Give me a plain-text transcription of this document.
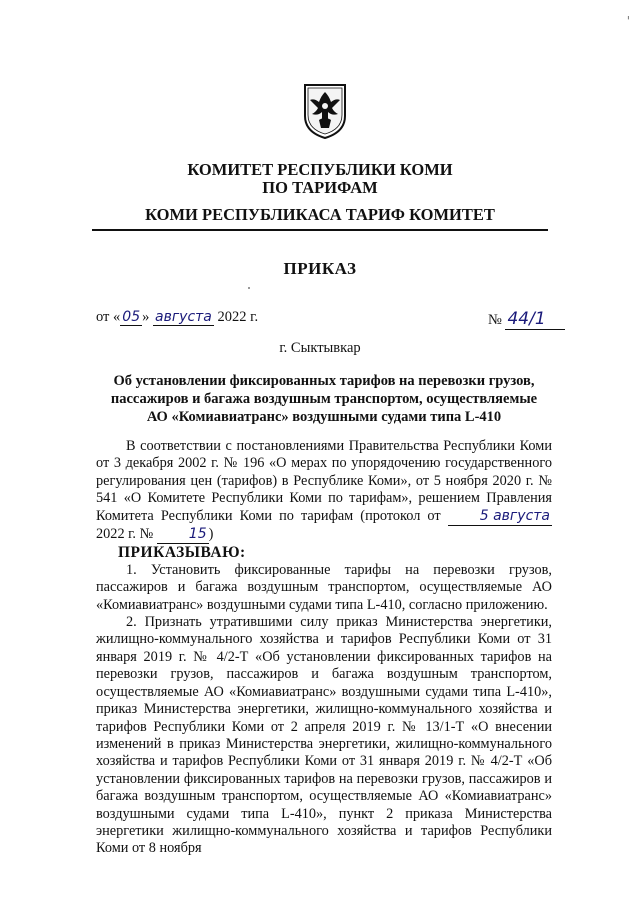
'
КОМИТЕТ РЕСПУБЛИКИ КОМИ
ПО ТАРИФАМ
КОМИ РЕСПУБЛИКАСА ТАРИФ КОМИТЕТ
ПРИКАЗ
от « 05 » августа 2022 г.	№ 44/1
г. Сыктывкар
Об установлении фиксированных тарифов на перевозки грузов,
пассажиров и багажа воздушным транспортом, осуществляемые
АО «Комиавиатранс» воздушными судами типа L-410

В соответствии с постановлениями Правительства Республики Коми от 3 декабря 2002 г. № 196 «О мерах по упорядочению государственного регулирования цен (тарифов) в Республике Коми», от 5 ноября 2020 г. № 541 «О Комитете Республики Коми по тарифам», решением Правления Комитета Республики Коми по тарифам (протокол от 5 августа 2022 г. № 15 )

ПРИКАЗЫВАЮ:

1. Установить фиксированные тарифы на перевозки грузов, пассажиров и багажа воздушным транспортом, осуществляемые АО «Комиавиатранс» воздушными судами типа L-410, согласно приложению.

2. Признать утратившими силу приказ Министерства энергетики, жилищно-коммунального хозяйства и тарифов Республики Коми от 31 января 2019 г. № 4/2-Т «Об установлении фиксированных тарифов на перевозки грузов, пассажиров и багажа воздушным транспортом, осуществляемые АО «Комиавиатранс» воздушными судами типа L-410», приказ Министерства энергетики, жилищно-коммунального хозяйства и тарифов Республики Коми от 2 апреля 2019 г. № 13/1-Т «О внесении изменений в приказ Министерства энергетики, жилищно-коммунального хозяйства и тарифов Республики Коми от 31 января 2019 г. № 4/2-Т «Об установлении фиксированных тарифов на перевозки грузов, пассажиров и багажа воздушным транспортом, осуществляемые АО «Комиавиатранс» воздушными судами типа L-410», пункт 2 приказа Министерства энергетики жилищно-коммунального хозяйства и тарифов Республики Коми от 8 ноября
